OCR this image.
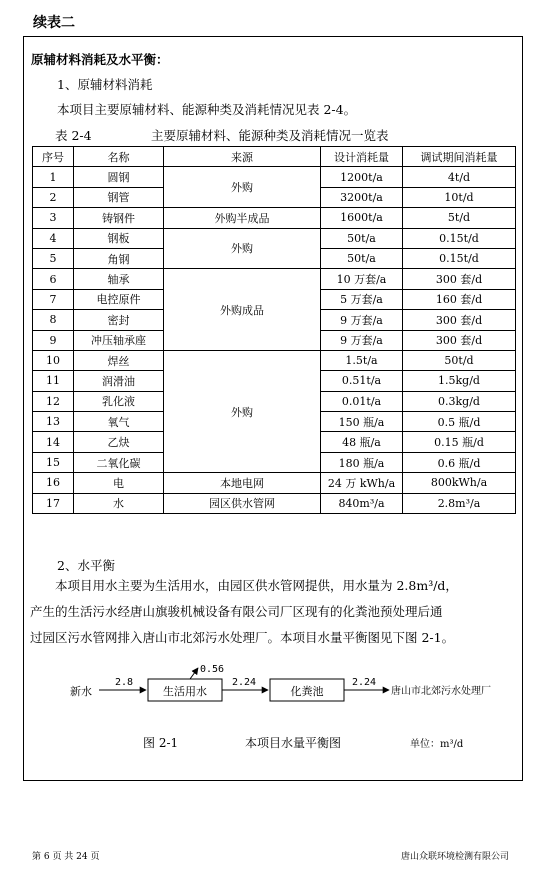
续表二
原辅材料消耗及水平衡：
1、原辅材料消耗
本项目主要原辅材料、能源种类及消耗情况见表 2-4。
表 2-4	主要原辅材料、能源种类及消耗情况一览表
序号	名称	来源	设计消耗量	调试期间消耗量
1	圆钢	外购	1200t/a	4t/d
2	钢管		3200t/a	10t/d
3	铸钢件	外购半成品	1600t/a	5t/d
4	钢板	外购	50t/a	0.15t/d
5	角钢		50t/a	0.15t/d
6	轴承	外购成品	10 万套/a	300 套/d
7	电控原件		5 万套/a	160 套/d
8	密封		9 万套/a	300 套/d
9	冲压轴承座		9 万套/a	300 套/d
10	焊丝	外购	1.5t/a	50t/d
11	润滑油		0.51t/a	1.5kg/d
12	乳化液		0.01t/a	0.3kg/d
13	氧气		150 瓶/a	0.5 瓶/d
14	乙炔		48 瓶/a	0.15 瓶/d
15	二氧化碳		180 瓶/a	0.6 瓶/d
16	电	本地电网	24 万 kWh/a	800kWh/a
17	水	园区供水管网	840m³/a	2.8m³/a
2、水平衡
本项目用水主要为生活用水，由园区供水管网提供，用水量为 2.8m³/d，
产生的生活污水经唐山旗骏机械设备有限公司厂区现有的化粪池预处理后通
过园区污水管网排入唐山市北郊污水处理厂。本项目水量平衡图见下图 2-1。
新水
2.8
生活用水
0.56
2.24
化粪池
2.24
唐山市北郊污水处理厂
图 2-1	本项目水量平衡图	单位：m³/d
第 6 页 共 24 页	唐山众联环境检测有限公司
